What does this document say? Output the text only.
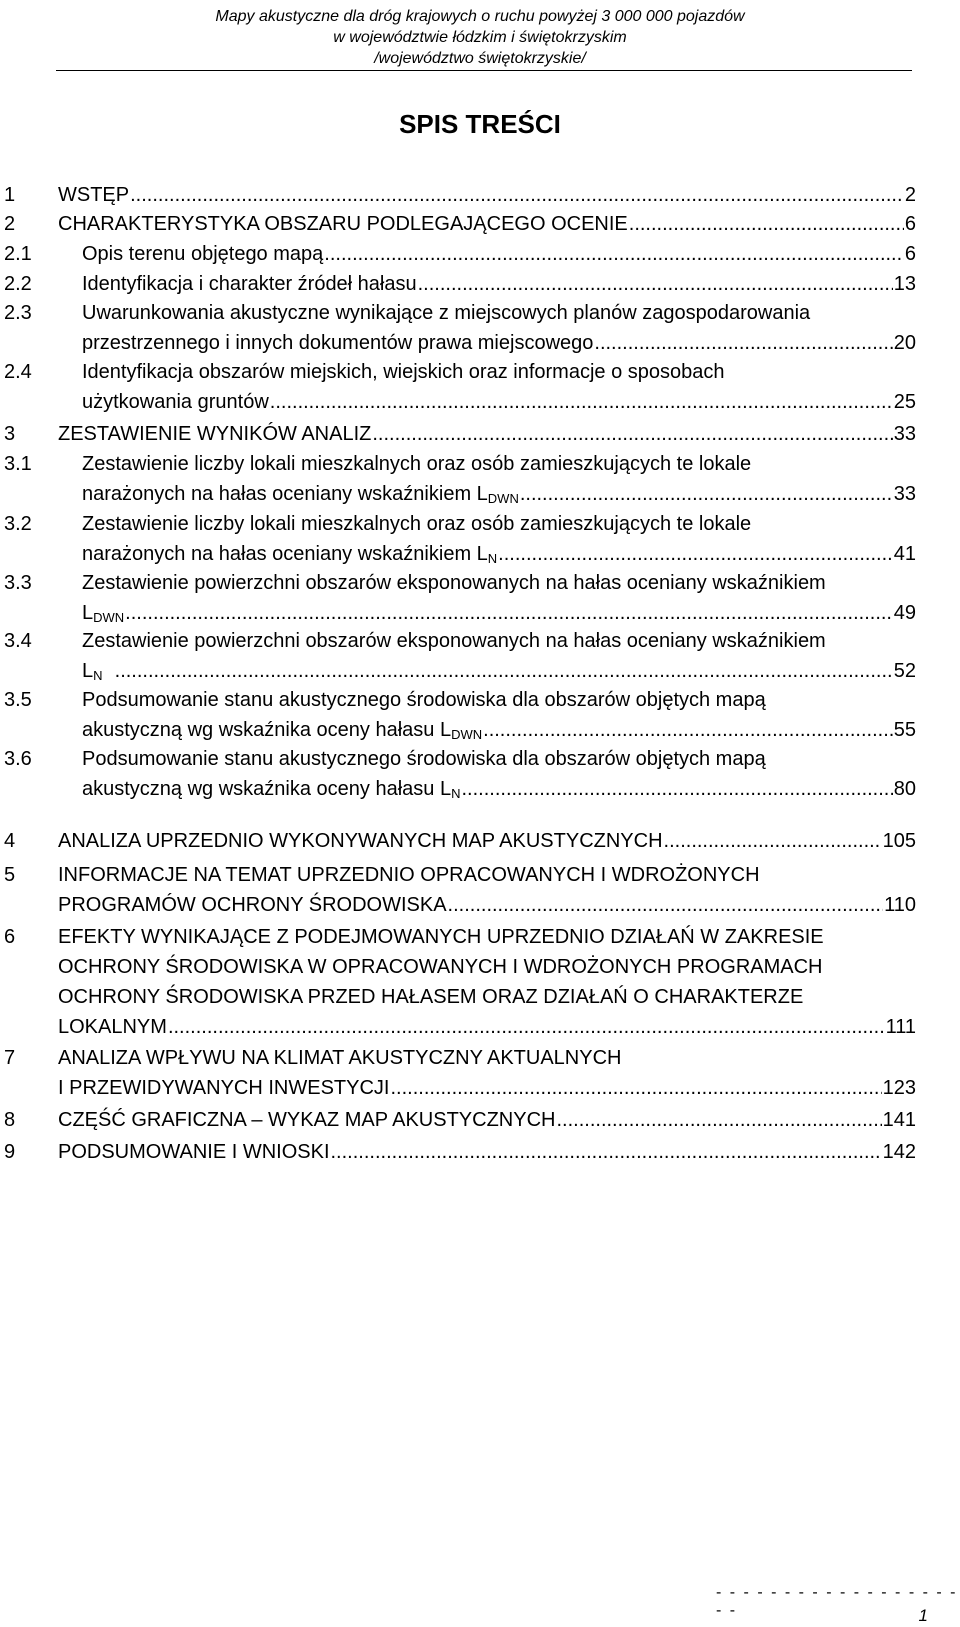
Mapy akustyczne dla dróg krajowych o ruchu powyżej 3 000 000 pojazdów
w województwie łódzkim i świętokrzyskim
/województwo świętokrzyskie/
SPIS TREŚCI
1 WSTĘP .....	2
2 CHARAKTERYSTYKA OBSZARU PODLEGAJĄCEGO OCENIE .....	6
2.1	Opis terenu objętego mapą .....	6
2.2	Identyfikacja i charakter źródeł hałasu .....	13
2.3	Uwarunkowania akustyczne wynikające z miejscowych planów zagospodarowania
przestrzennego i innych dokumentów prawa miejscowego .....	20
2.4	Identyfikacja obszarów miejskich, wiejskich oraz informacje o sposobach
użytkowania gruntów .....	25
3 ZESTAWIENIE WYNIKÓW ANALIZ .....	33
3.1	Zestawienie liczby lokali mieszkalnych oraz osób zamieszkujących te lokale
narażonych na hałas oceniany wskaźnikiem $L_{DWN}$ .....	33
3.2	Zestawienie liczby lokali mieszkalnych oraz osób zamieszkujących te lokale
narażonych na hałas oceniany wskaźnikiem $L_N$ .....	41
3.3	Zestawienie powierzchni obszarów eksponowanych na hałas oceniany wskaźnikiem
$L_{DWN}$ .....	49
3.4	Zestawienie powierzchni obszarów eksponowanych na hałas oceniany wskaźnikiem
$L_N$ .....	52
3.5	Podsumowanie stanu akustycznego środowiska dla obszarów objętych mapą
akustyczną wg wskaźnika oceny hałasu $L_{DWN}$ .....	55
3.6	Podsumowanie stanu akustycznego środowiska dla obszarów objętych mapą
akustyczną wg wskaźnika oceny hałasu $L_N$ .....	80
4 ANALIZA UPRZEDNIO WYKONYWANYCH MAP AKUSTYCZNYCH .....	105
5 INFORMACJE NA TEMAT UPRZEDNIO OPRACOWANYCH I WDROŻONYCH
PROGRAMÓW OCHRONY ŚRODOWISKA .....	110
6 EFEKTY WYNIKAJĄCE Z PODEJMOWANYCH UPRZEDNIO DZIAŁAŃ W ZAKRESIE
OCHRONY ŚRODOWISKA W OPRACOWANYCH I WDROŻONYCH PROGRAMACH
OCHRONY ŚRODOWISKA PRZED HAŁASEM ORAZ DZIAŁAŃ O CHARAKTERZE
LOKALNYM .....	111
7 ANALIZA WPŁYWU NA KLIMAT AKUSTYCZNY AKTUALNYCH
I PRZEWIDYWANYCH INWESTYCJI .....	123
8 CZĘŚĆ GRAFICZNA – WYKAZ MAP AKUSTYCZNYCH .....	141
9 PODSUMOWANIE I WNIOSKI .....	142
- - - - - - - - - - - - - - - - - - - -	1
